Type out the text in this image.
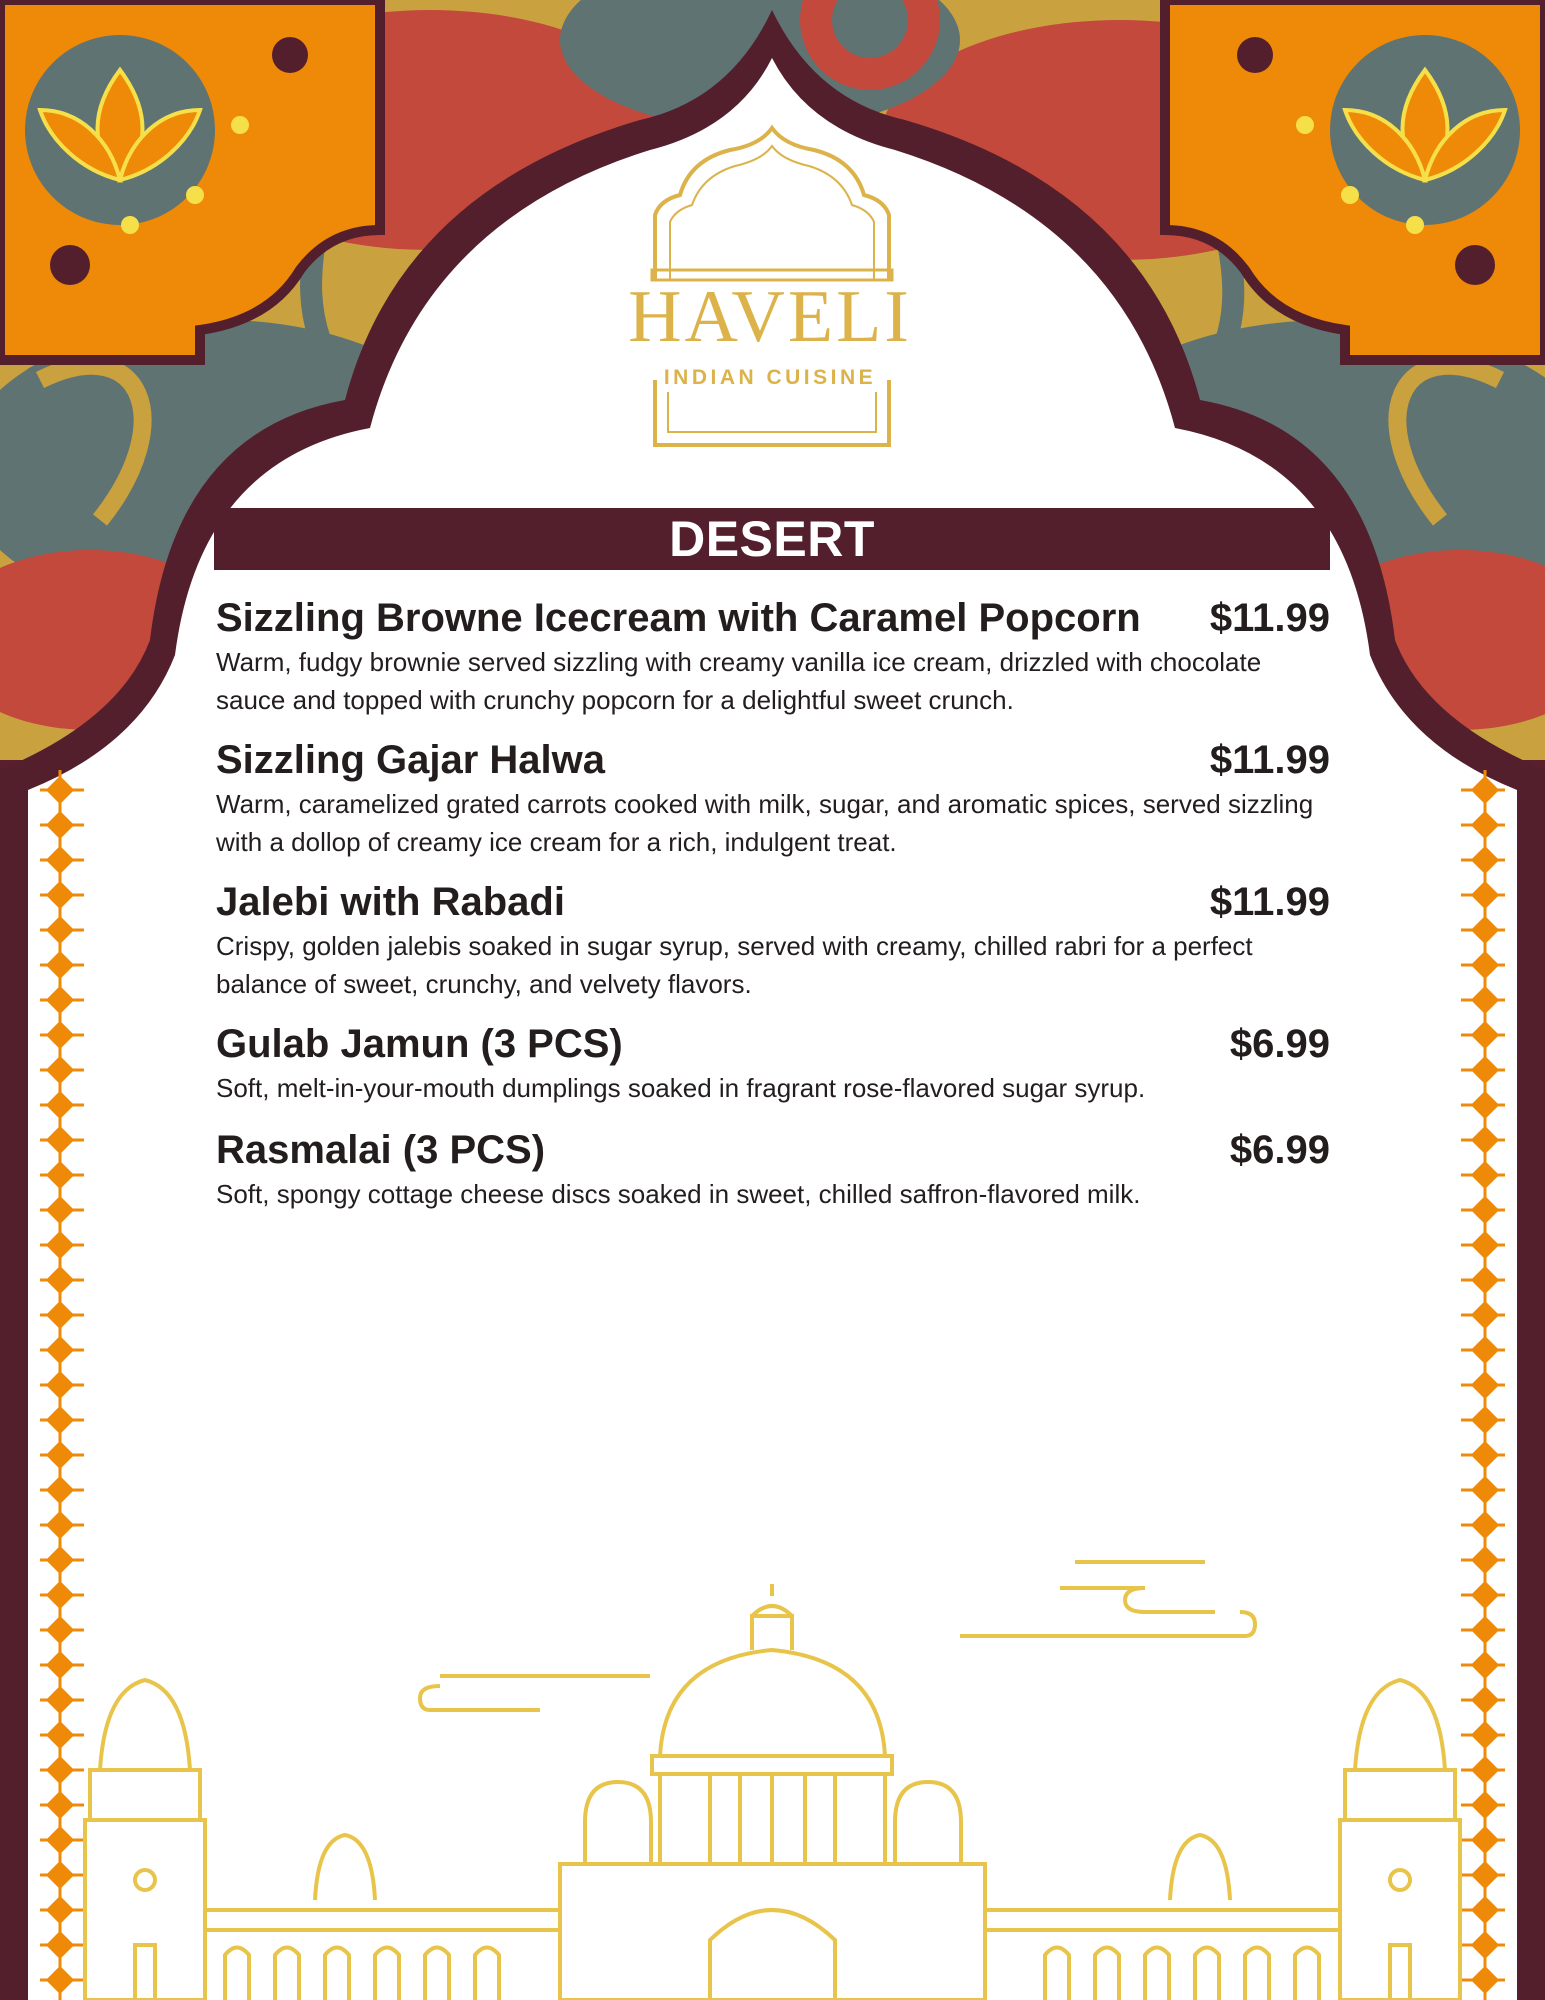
HAVELI
INDIAN CUISINE
DESERT
Sizzling Browne Icecream with Caramel Popcorn $11.99
Warm, fudgy brownie served sizzling with creamy vanilla ice cream, drizzled with chocolate sauce and topped with crunchy popcorn for a delightful sweet crunch.
Sizzling Gajar Halwa	$11.99
Warm, caramelized grated carrots cooked with milk, sugar, and aromatic spices, served sizzling with a dollop of creamy ice cream for a rich, indulgent treat.
Jalebi with Rabadi	$11.99
Crispy, golden jalebis soaked in sugar syrup, served with creamy, chilled rabri for a perfect balance of sweet, crunchy, and velvety flavors.
Gulab Jamun (3 PCS)	$6.99
Soft, melt-in-your-mouth dumplings soaked in fragrant rose-flavored sugar syrup.
Rasmalai (3 PCS)	$6.99
Soft, spongy cottage cheese discs soaked in sweet, chilled saffron-flavored milk.
